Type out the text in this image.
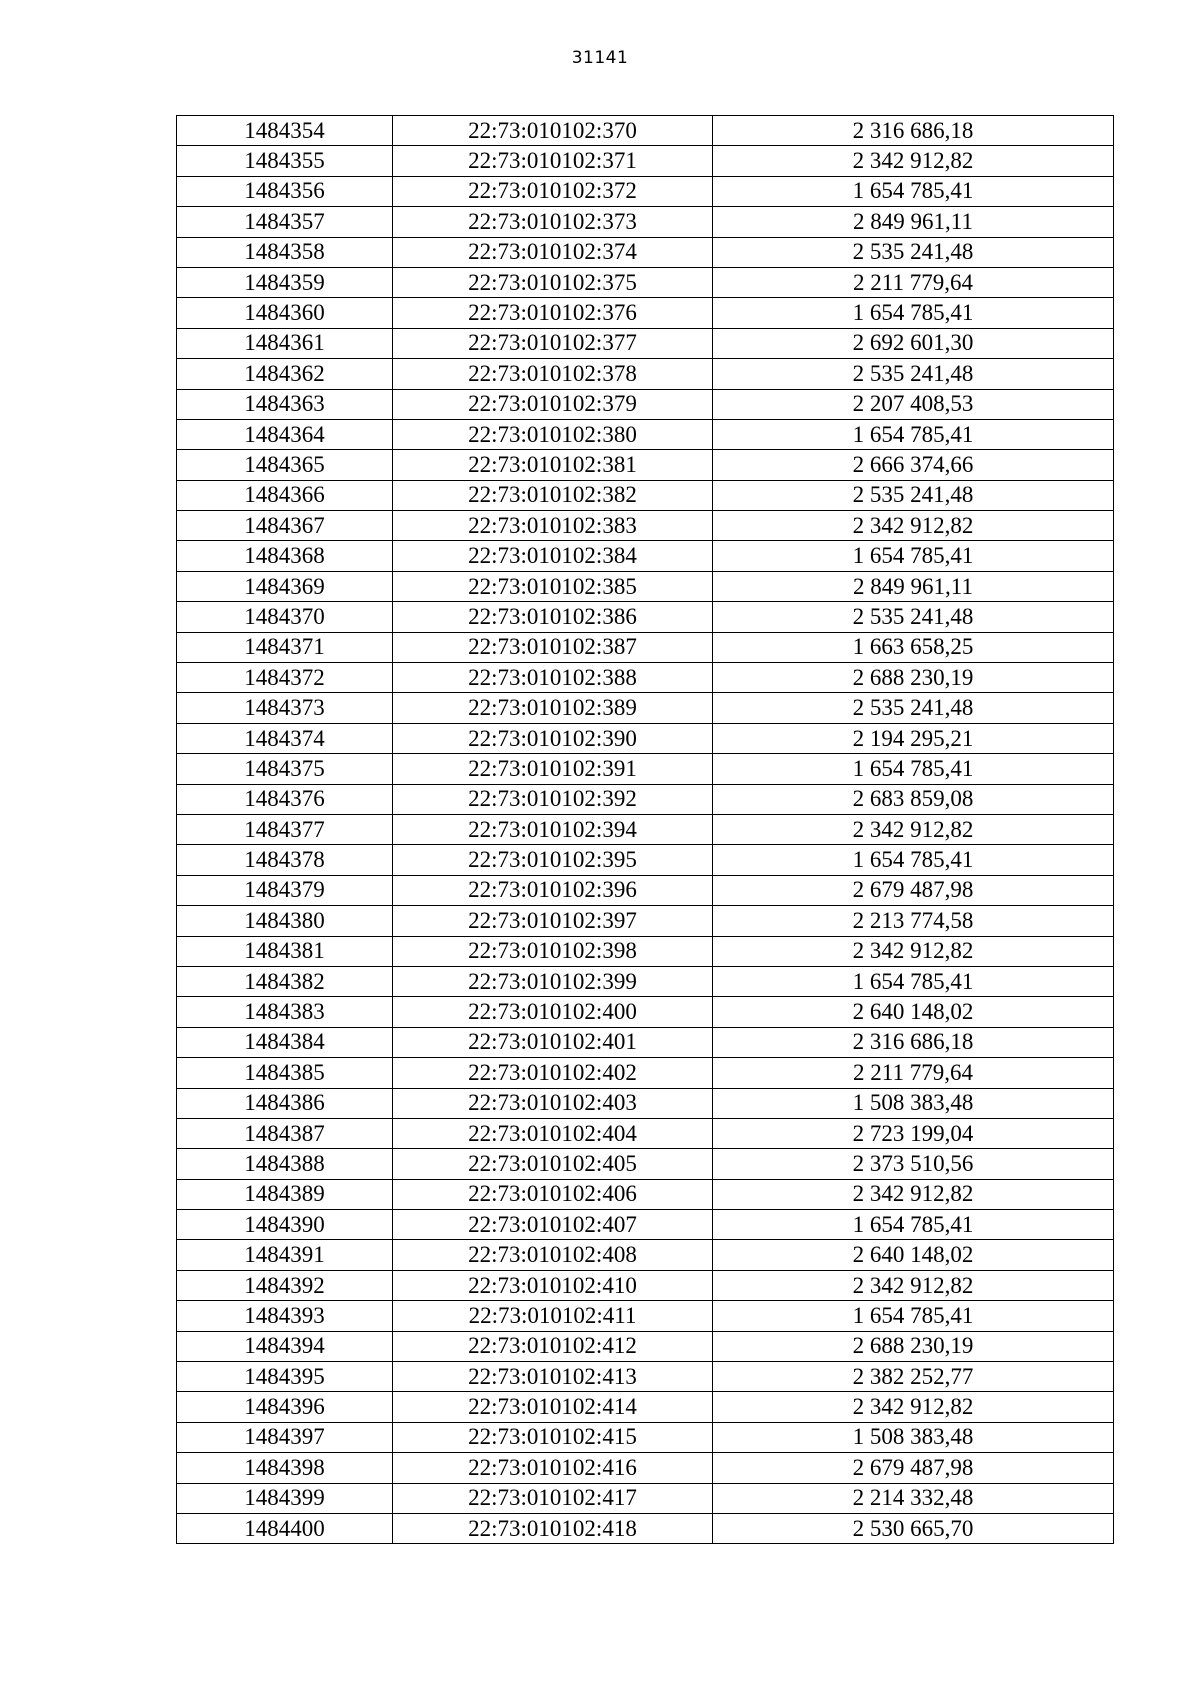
31141
1484354	22:73:010102:370	2 316 686,18
1484355	22:73:010102:371	2 342 912,82
1484356	22:73:010102:372	1 654 785,41
1484357	22:73:010102:373	2 849 961,11
1484358	22:73:010102:374	2 535 241,48
1484359	22:73:010102:375	2 211 779,64
1484360	22:73:010102:376	1 654 785,41
1484361	22:73:010102:377	2 692 601,30
1484362	22:73:010102:378	2 535 241,48
1484363	22:73:010102:379	2 207 408,53
1484364	22:73:010102:380	1 654 785,41
1484365	22:73:010102:381	2 666 374,66
1484366	22:73:010102:382	2 535 241,48
1484367	22:73:010102:383	2 342 912,82
1484368	22:73:010102:384	1 654 785,41
1484369	22:73:010102:385	2 849 961,11
1484370	22:73:010102:386	2 535 241,48
1484371	22:73:010102:387	1 663 658,25
1484372	22:73:010102:388	2 688 230,19
1484373	22:73:010102:389	2 535 241,48
1484374	22:73:010102:390	2 194 295,21
1484375	22:73:010102:391	1 654 785,41
1484376	22:73:010102:392	2 683 859,08
1484377	22:73:010102:394	2 342 912,82
1484378	22:73:010102:395	1 654 785,41
1484379	22:73:010102:396	2 679 487,98
1484380	22:73:010102:397	2 213 774,58
1484381	22:73:010102:398	2 342 912,82
1484382	22:73:010102:399	1 654 785,41
1484383	22:73:010102:400	2 640 148,02
1484384	22:73:010102:401	2 316 686,18
1484385	22:73:010102:402	2 211 779,64
1484386	22:73:010102:403	1 508 383,48
1484387	22:73:010102:404	2 723 199,04
1484388	22:73:010102:405	2 373 510,56
1484389	22:73:010102:406	2 342 912,82
1484390	22:73:010102:407	1 654 785,41
1484391	22:73:010102:408	2 640 148,02
1484392	22:73:010102:410	2 342 912,82
1484393	22:73:010102:411	1 654 785,41
1484394	22:73:010102:412	2 688 230,19
1484395	22:73:010102:413	2 382 252,77
1484396	22:73:010102:414	2 342 912,82
1484397	22:73:010102:415	1 508 383,48
1484398	22:73:010102:416	2 679 487,98
1484399	22:73:010102:417	2 214 332,48
1484400	22:73:010102:418	2 530 665,70
